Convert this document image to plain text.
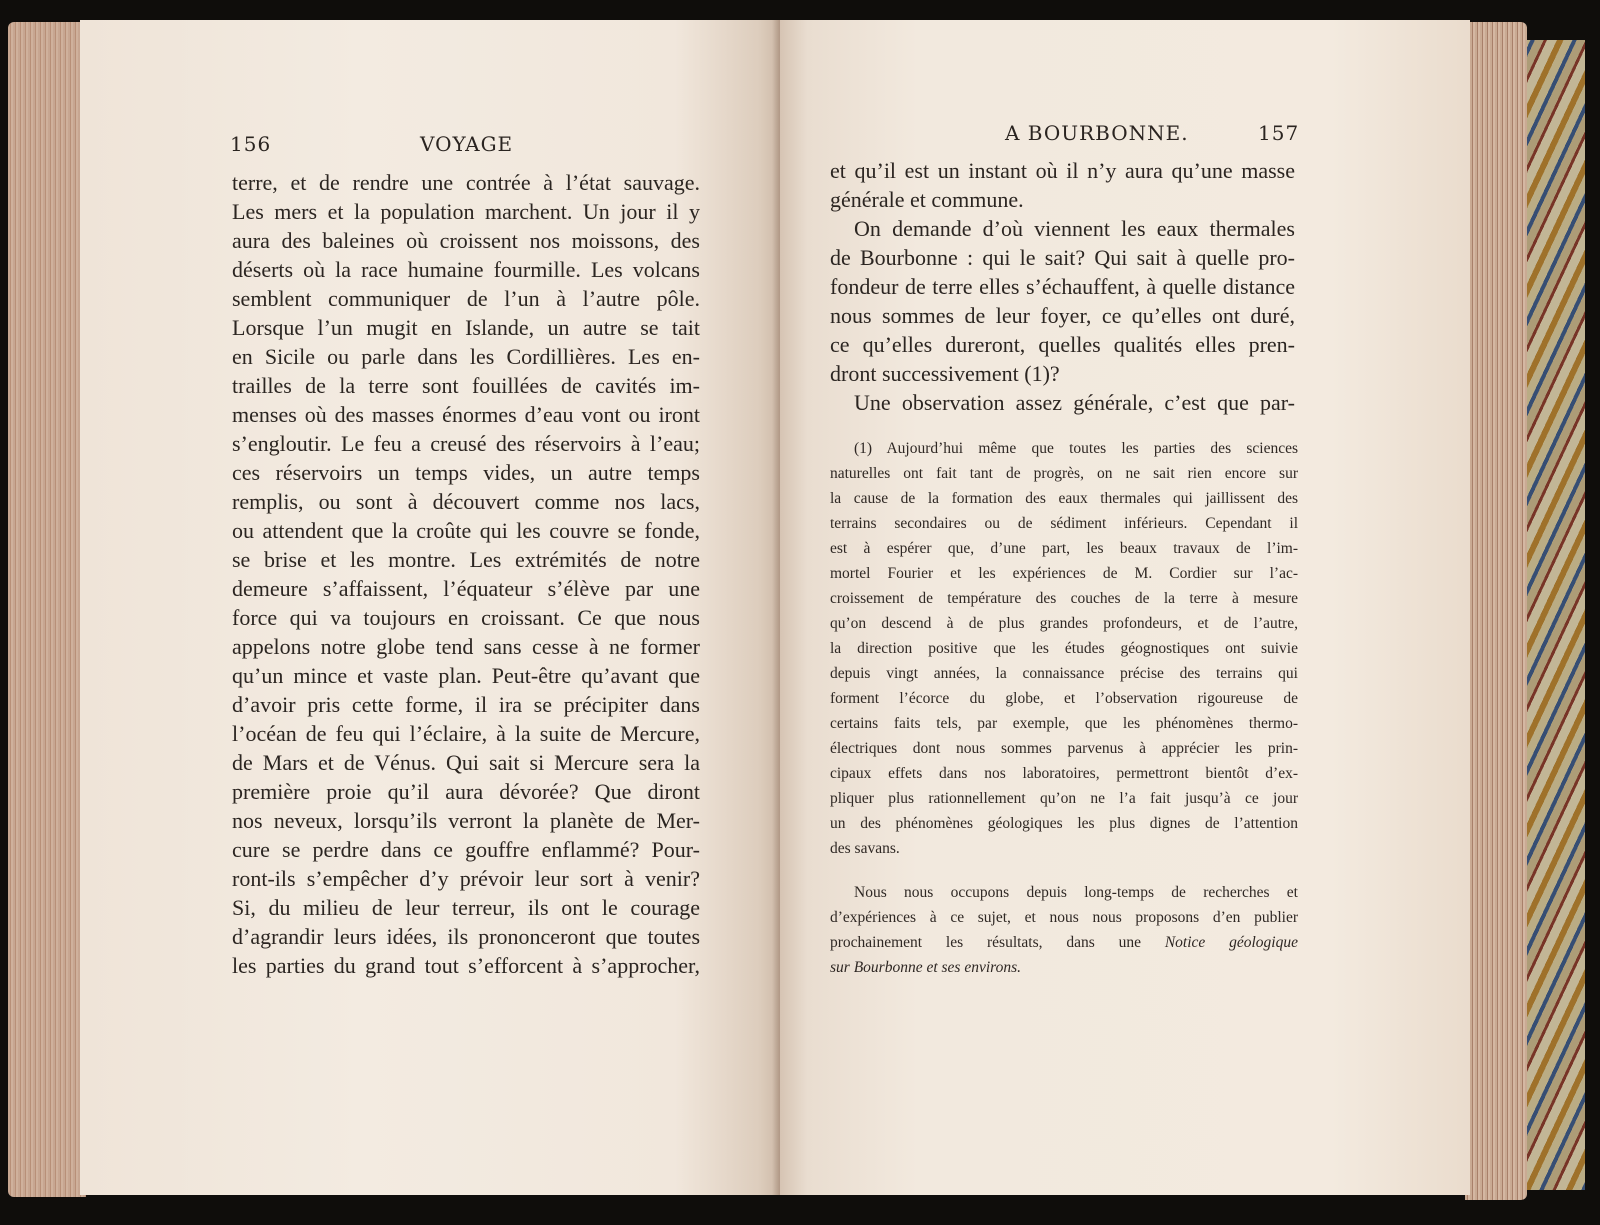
156	VOYAGE
terre, et de rendre une contrée à l’état sauvage.
Les mers et la population marchent. Un jour il y
aura des baleines où croissent nos moissons, des
déserts où la race humaine fourmille. Les volcans
semblent communiquer de l’un à l’autre pôle.
Lorsque l’un mugit en Islande, un autre se tait
en Sicile ou parle dans les Cordillières. Les en-
trailles de la terre sont fouillées de cavités im-
menses où des masses énormes d’eau vont ou iront
s’engloutir. Le feu a creusé des réservoirs à l’eau;
ces réservoirs un temps vides, un autre temps
remplis, ou sont à découvert comme nos lacs,
ou attendent que la croûte qui les couvre se fonde,
se brise et les montre. Les extrémités de notre
demeure s’affaissent, l’équateur s’élève par une
force qui va toujours en croissant. Ce que nous
appelons notre globe tend sans cesse à ne former
qu’un mince et vaste plan. Peut-être qu’avant que
d’avoir pris cette forme, il ira se précipiter dans
l’océan de feu qui l’éclaire, à la suite de Mercure,
de Mars et de Vénus. Qui sait si Mercure sera la
première proie qu’il aura dévorée? Que diront
nos neveux, lorsqu’ils verront la planète de Mer-
cure se perdre dans ce gouffre enflammé? Pour-
ront-ils s’empêcher d’y prévoir leur sort à venir?
Si, du milieu de leur terreur, ils ont le courage
d’agrandir leurs idées, ils prononceront que toutes
les parties du grand tout s’efforcent à s’approcher,
A BOURBONNE.	157
et qu’il est un instant où il n’y aura qu’une masse
générale et commune.
On demande d’où viennent les eaux thermales
de Bourbonne : qui le sait? Qui sait à quelle pro-
fondeur de terre elles s’échauffent, à quelle distance
nous sommes de leur foyer, ce qu’elles ont duré,
ce qu’elles dureront, quelles qualités elles pren-
dront successivement (1)?
Une observation assez générale, c’est que par-
(1) Aujourd’hui même que toutes les parties des sciences
naturelles ont fait tant de progrès, on ne sait rien encore sur
la cause de la formation des eaux thermales qui jaillissent des
terrains secondaires ou de sédiment inférieurs. Cependant il
est à espérer que, d’une part, les beaux travaux de l’im-
mortel Fourier et les expériences de M. Cordier sur l’ac-
croissement de température des couches de la terre à mesure
qu’on descend à de plus grandes profondeurs, et de l’autre,
la direction positive que les études géognostiques ont suivie
depuis vingt années, la connaissance précise des terrains qui
forment l’écorce du globe, et l’observation rigoureuse de
certains faits tels, par exemple, que les phénomènes thermo-
électriques dont nous sommes parvenus à apprécier les prin-
cipaux effets dans nos laboratoires, permettront bientôt d’ex-
pliquer plus rationnellement qu’on ne l’a fait jusqu’à ce jour
un des phénomènes géologiques les plus dignes de l’attention
des savans.
Nous nous occupons depuis long-temps de recherches et
d’expériences à ce sujet, et nous nous proposons d’en publier
prochainement les résultats, dans une Notice géologique
sur Bourbonne et ses environs.
